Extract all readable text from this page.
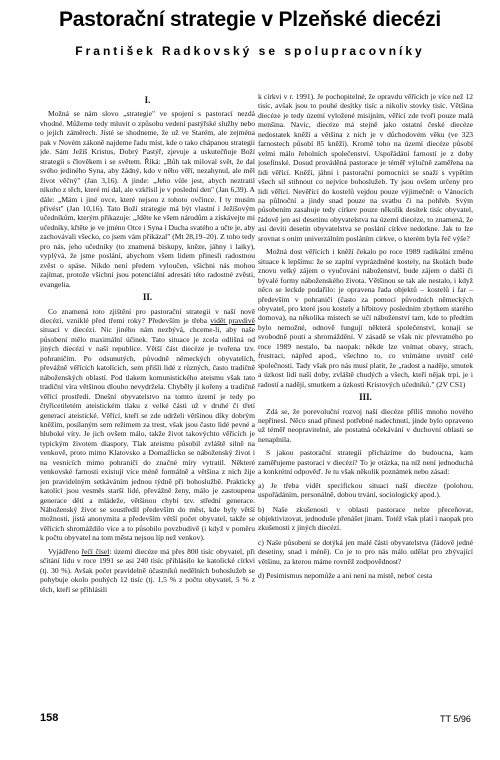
Pastorační strategie v Plzeňské diecézi
František Radkovský se spolupracovníky
I.

Možná se nám slovo „strategie" ve spojení s pastorací nezdá vhodné. Můžeme tedy mluvit o způsobu vedení pastýřské služby nebo o jejích záměrech. Jisté se shodneme, že už ve Starém, ale zejména pak v Novém zákoně najdeme řadu míst, kde o tako chápanou strategii jde. Sám Ježíš Kristus, Dobrý Pastýř, zjevuje a uskutečňuje Boží strategii s člověkem i se světem. Říká: „Bůh tak miloval svět, že dal svého jediného Syna, aby žádný, kdo v něho věří, nezahynul, ale měl život věčný" (Jan 3,16). A jinde: „Jeho vůle jest, abych neztratil nikoho z těch, které mi dal, ale vzkřísil je v poslední den" (Jan 6,39). A dále: „Mám i jiné ovce, které nejsou z tohoto ovčince. I ty musím přivést" (Jan 10,16). Tato Boží strategie má být vlastní i Ježíšovým učedníkům, kterým přikazuje: „Jděte ke všem národům a získávejte mi učedníky, křtěte je ve jméno Otce i Syna i Ducha svatého a učte je, aby zachovávali všecko, co jsem vám přikázal" (Mt 28,19–20). Z toho tedy pro nás, jeho učedníky (to znamená biskupy, kněze, jáhny i laiky), vyplývá, že jsme poslání, abychom všem lidem přinesli radostnou zvěst o spáse. Nikdo není předem vyloučen, všichni nás mohou zajímat, protože všichni jsou potenciální adresáti této radostné zvěsti, evangelia.

II.

Co znamená toto zjištění pro pastorační strategii v naší nově diecézi, vzniklé před třemi roky? Především je třeba vidět pravdivě situaci v diecézi. Nic jiného nám nezbývá, chceme-li, aby naše působení mělo maximální účinek. Tato situace je zcela odlišná od jiných diecézí v naší republice. Větší část diecéze je tvořena tzv. pohraničím. Po odsunutých, původně německých obyvatelích, převážně věřících katolících, sem přišli lidé z různých, často tradičně náboženských oblastí. Pod tlakem komunistického ateismu však tato tradiční víra většinou dlouho nevydržela. Chyběly jí kořeny a tradičně věřící prostředí. Dnešní obyvatelstvo na tomto území je tedy po čtyřicetiletém ateistickém tlaku z velké části už v druhé či třetí generaci ateistické. Věřící, kteří se zde udrželi většinou díky dobrým kněžím, posílaným sem režimem za trest, však jsou často lidé pevné a hluboké víry. Je jich ovšem málo, takže život takovýchto věřících je typickým životem diaspory. Tlak ateismu působil zvláště silně na venkově, proto mimo Klatovsko a Domažlicko se náboženský život i na vesnicích mimo pohraničí do značné míry vytratil. Některé venkovské farnosti existují více méně formálně a většina z nich žije jen pravidelným setkáváním jednou týdně při bohoslužbě. Prakticky katolíci jsou vesměs starší lidé, převážně ženy, málo je zastoupena generace dětí a mládeže, většinou chybí tzv. střední generace. Náboženský život se soustředil především do měst, kde byly větší možnosti, jistá anonymita a především větší počet obyvatel, takže se věřících shromáždilo více a to působilo povzbudivě (i když v poměru k počtu obyvatel na tom města nejsou líp než venkov).

Vyjádřeno řečí čísel: území diecéze má přes 800 tisíc obyvatel, při sčítání lidu v roce 1991 se asi 240 tisíc přihlásilo ke katolické církvi (tj. 30 %). Avšak počet pravidelně účastníků nedělních bohoslužeb se pohybuje okolo pouhých 12 tisíc (tj. 1,5 % z počtu obyvatel, 5 % z těch, kteří se přihlásili

k církvi v r. 1991). Je pochopitelné, že opravdu věřících je více než 12 tisíc, avšak jsou to pouhé desítky tisíc a nikoliv stovky tisíc. Většina diecéze je tedy území vyložené misijním, věřící zde tvoří pouze malá menšina. Navíc, diecéze má stejně jako ostatní české diecéze nedostatek kněží a většina z nich je v důchodovém věku (ve 323 farnostech působí 85 kněží). Kromě toho na území diecéze působí velmi málo řeholních společenství. Uspořádání farností je z doby josefínské. Dosud prováděná pastorace je téměř výlučně zaměřena na lidi věřící. Kněží, jáhni i pastorační pomocníci se snaží s vypětím všech sil stihnout co nejvíce bohoslužeb. Ty jsou ovšem určeny pro lidi věřící. Nevěřící do kostelů vejdou pouze výjimečně: o Vánocích na půlnoční a jindy snad pouze na svatbu či na pohřeb. Svým působením zasahuje tedy církev pouze několik desítek tisíc obyvatel, řádově jen asi desetinu obyvatelstva na území diecéze, to znamená, že asi devíti desetin obyvatelstva se poslání církve nedotkne. Jak to lze srovnat s oním univerzálním posláním církve, o kterém byla řeč výše?

Možná dost věřících i kněží čekalo po roce 1989 radikální změnu situace k lepšímu: že se zaplní vyprázdněné kostely, na školách bude znovu velký zájem o vyučování náboženství, bude zájem o další či bývalé formy náboženského života. Většinou se tak ale nestalo, i když něco se leckde podařilo: je opravena řada objektů – kostelů i far – především v pohraničí (často za pomoci původních německých obyvatel, pro které jsou kostely a hřbitovy posledním zbytkem starého domova), na několika místech se učí náboženství tam, kde to předtím bylo nemožné, odnově fungují některá společenství, konají se svobodně pouti a shromáždění. V zásadě se však nic převratného po roce 1989 nestalo, ba naopak: někde lze vnímat obavy, strach, frustraci, nápřed apod., všechno to, co vnímáme uvnitř celé společnosti. Tady však pro nás musí platit, že „radost a naděje, smutek a úzkost lidí naší doby, zvláště chudých a všech, kteří nějak trpí, je i radostí a nadějí, smutkem a úzkostí Kristových učedníků." (2V CS1)

III.

Zdá se, že porevoluční rozvoj naší diecéze příliš mnoho nového nepřinesl. Něco snad přinesl potřebné nadechnutí, jinde bylo opraveno už téměř neopravitelné, ale postatná očekávání v duchovní oblasti se nenaplnila.

S jakou pastorační strategií přicházíme do budoucna, kam zaměřujeme pastoraci v diecézi? To je otázka, na níž není jednoduchá a konkrétní odpověď. Je tu však několik poznámek nebo zásad:

a) Je třeba vidět specifickou situaci naší diecéze (polohou, uspořádáním, personálně, dobou trvání, sociologický apod.).
b) Naše zkušenosti v oblasti pastorace nelze přeceňovat, objektivizovat, jednoduše přenášet jinam. Totéž však platí i naopak pro zkušenosti z jiných diecézí.
c) Naše působení se dotýká jen malé části obyvatelstva (řádově jedné desetiny, snad i méně). Co je to pro nás málo udělat pro zbývající většinu, za kterou máme rovněž zodpovědnost?
d) Pesimismus nepomůže a ani není na místě, neboť cesta
158	TT 5/96
